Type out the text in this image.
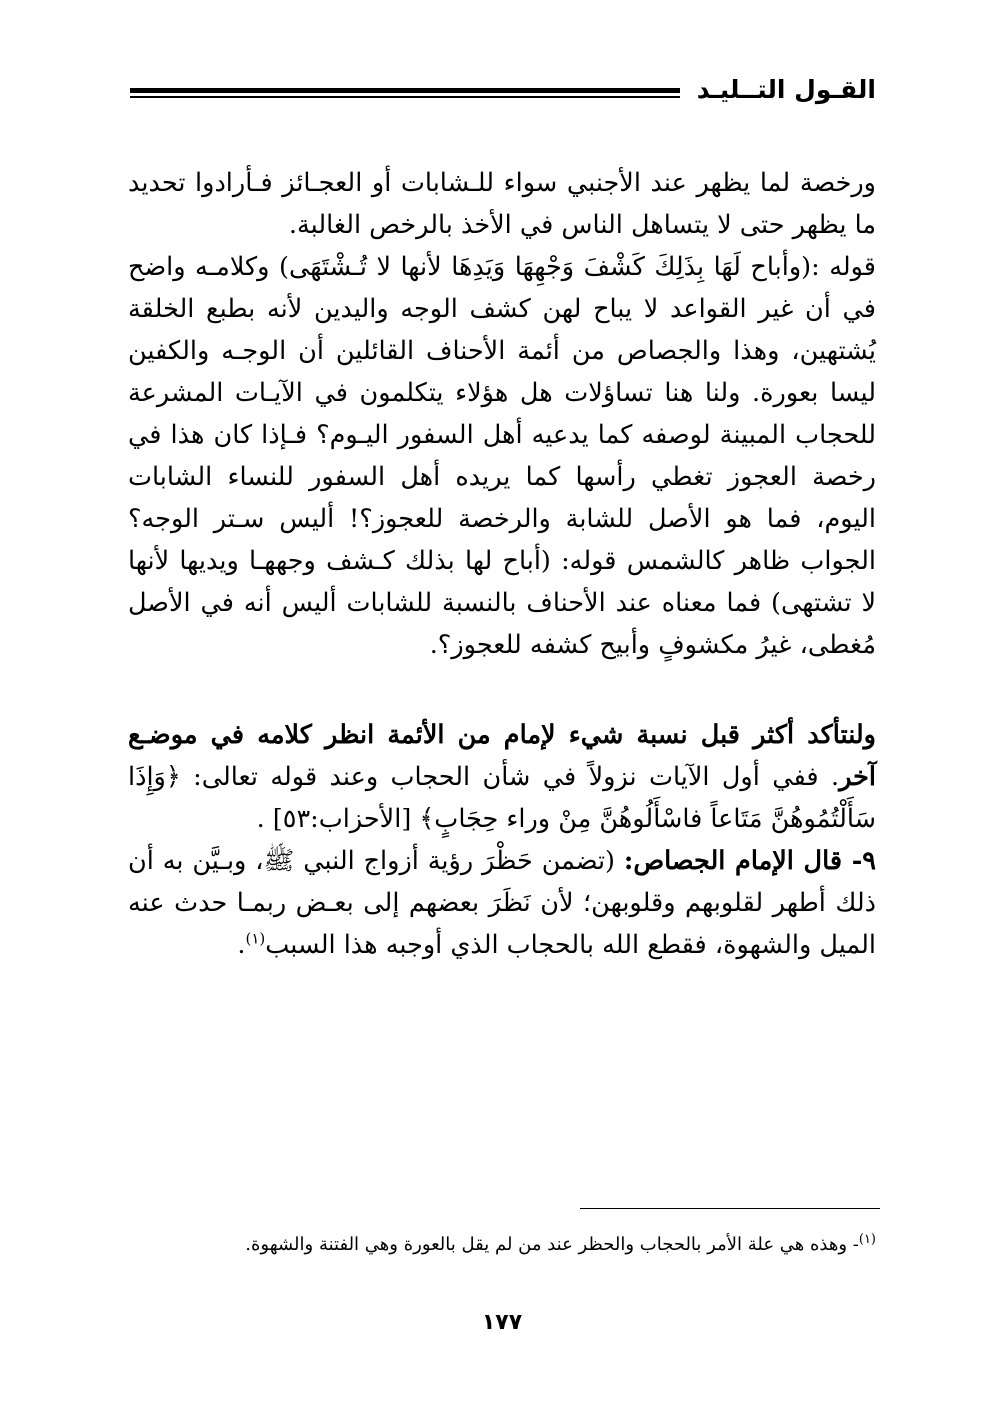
القـول التــليـد

ورخصة لما يظهر عند الأجنبي سواء للـشابات أو العجـائز فـأرادوا تحديد ما يظهر حتى لا يتساهل الناس في الأخذ بالرخص الغالبة.

قوله :(وأباح لَهَا بِذَلِكَ كَشْفَ وَجْهِهَا وَيَدِهَا لأنها لا تُـشْتَهَى) وكلامـه واضح في أن غير القواعد لا يباح لهن كشف الوجه واليدين لأنه بطبع الخلقة يُشتهين، وهذا والجصاص من أئمة الأحناف القائلين أن الوجـه والكفين ليسا بعورة. ولنا هنا تساؤلات هل هؤلاء يتكلمون في الآيـات المشرعة للحجاب المبينة لوصفه كما يدعيه أهل السفور اليـوم؟ فـإذا كان هذا في رخصة العجوز تغطي رأسها كما يريده أهل السفور للنساء الشابات اليوم، فما هو الأصل للشابة والرخصة للعجوز؟! أليس سـتر الوجه؟ الجواب ظاهر كالشمس قوله: (أباح لها بذلك كـشف وجههـا ويديها لأنها لا تشتهى) فما معناه عند الأحناف بالنسبة للشابات أليس أنه في الأصل مُغطى، غيرُ مكشوفٍ وأبيح كشفه للعجوز؟.

ولنتأكد أكثر قبل نسبة شيء لإمام من الأئمة انظر كلامه في موضـع آخر. ففي أول الآيات نزولاً في شأن الحجاب وعند قوله تعالى: ﴿وَإِذَا سَأَلْتُمُوهُنَّ مَتَاعاً فاسْأَلُوهُنَّ مِنْ وراء حِجَابٍ﴾ [الأحزاب:٥٣] .

٩- قال الإمام الجصاص: (تضمن حَظْرَ رؤية أزواج النبي ﷺ، وبـيَّن به أن ذلك أطهر لقلوبهم وقلوبهن؛ لأن نَظَرَ بعضهم إلى بعـض ربمـا حدث عنه الميل والشهوة، فقطع الله بالحجاب الذي أوجبه هذا السبب$^{(١)}$.

$^{(١)}$- وهذه هي علة الأمر بالحجاب والحظر عند من لم يقل بالعورة وهي الفتنة والشهوة.
١٧٧
